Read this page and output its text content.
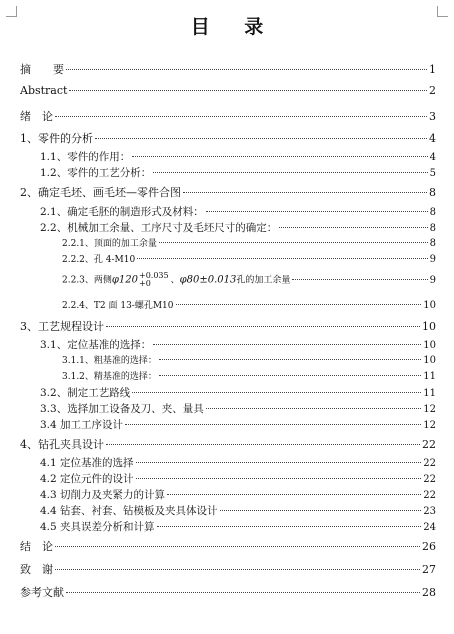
目 录
摘　　要	1
Abstract	2
绪　论	3
1、零件的分析	4
1.1、零件的作用：	4
1.2、零件的工艺分析：	5
2、确定毛坯、画毛坯—零件合图	8
2.1、确定毛胚的制造形式及材料：	8
2.2、机械加工余量、工序尺寸及毛坯尺寸的确定：	8
2.2.1、顶面的加工余量	8
2.2.2、孔 4-M10	9
2.2.3、两侧φ120+0.035
+0 、φ80±0.013孔的加工余量	9
2.2.4、T2 面 13-螺孔M10	10
3、工艺规程设计	10
3.1、定位基准的选择：	10
3.1.1、粗基准的选择：	10
3.1.2、精基准的选择：	11
3.2、制定工艺路线	11
3.3、选择加工设备及刀、夹、量具	12
3.4 加工工序设计	12
4、钻孔夹具设计	22
4.1 定位基准的选择	22
4.2 定位元件的设计	22
4.3 切削力及夹紧力的计算	22
4.4 钻套、衬套、钻模板及夹具体设计	23
4.5 夹具误差分析和计算	24
结　论	26
致　谢	27
参考文献	28
